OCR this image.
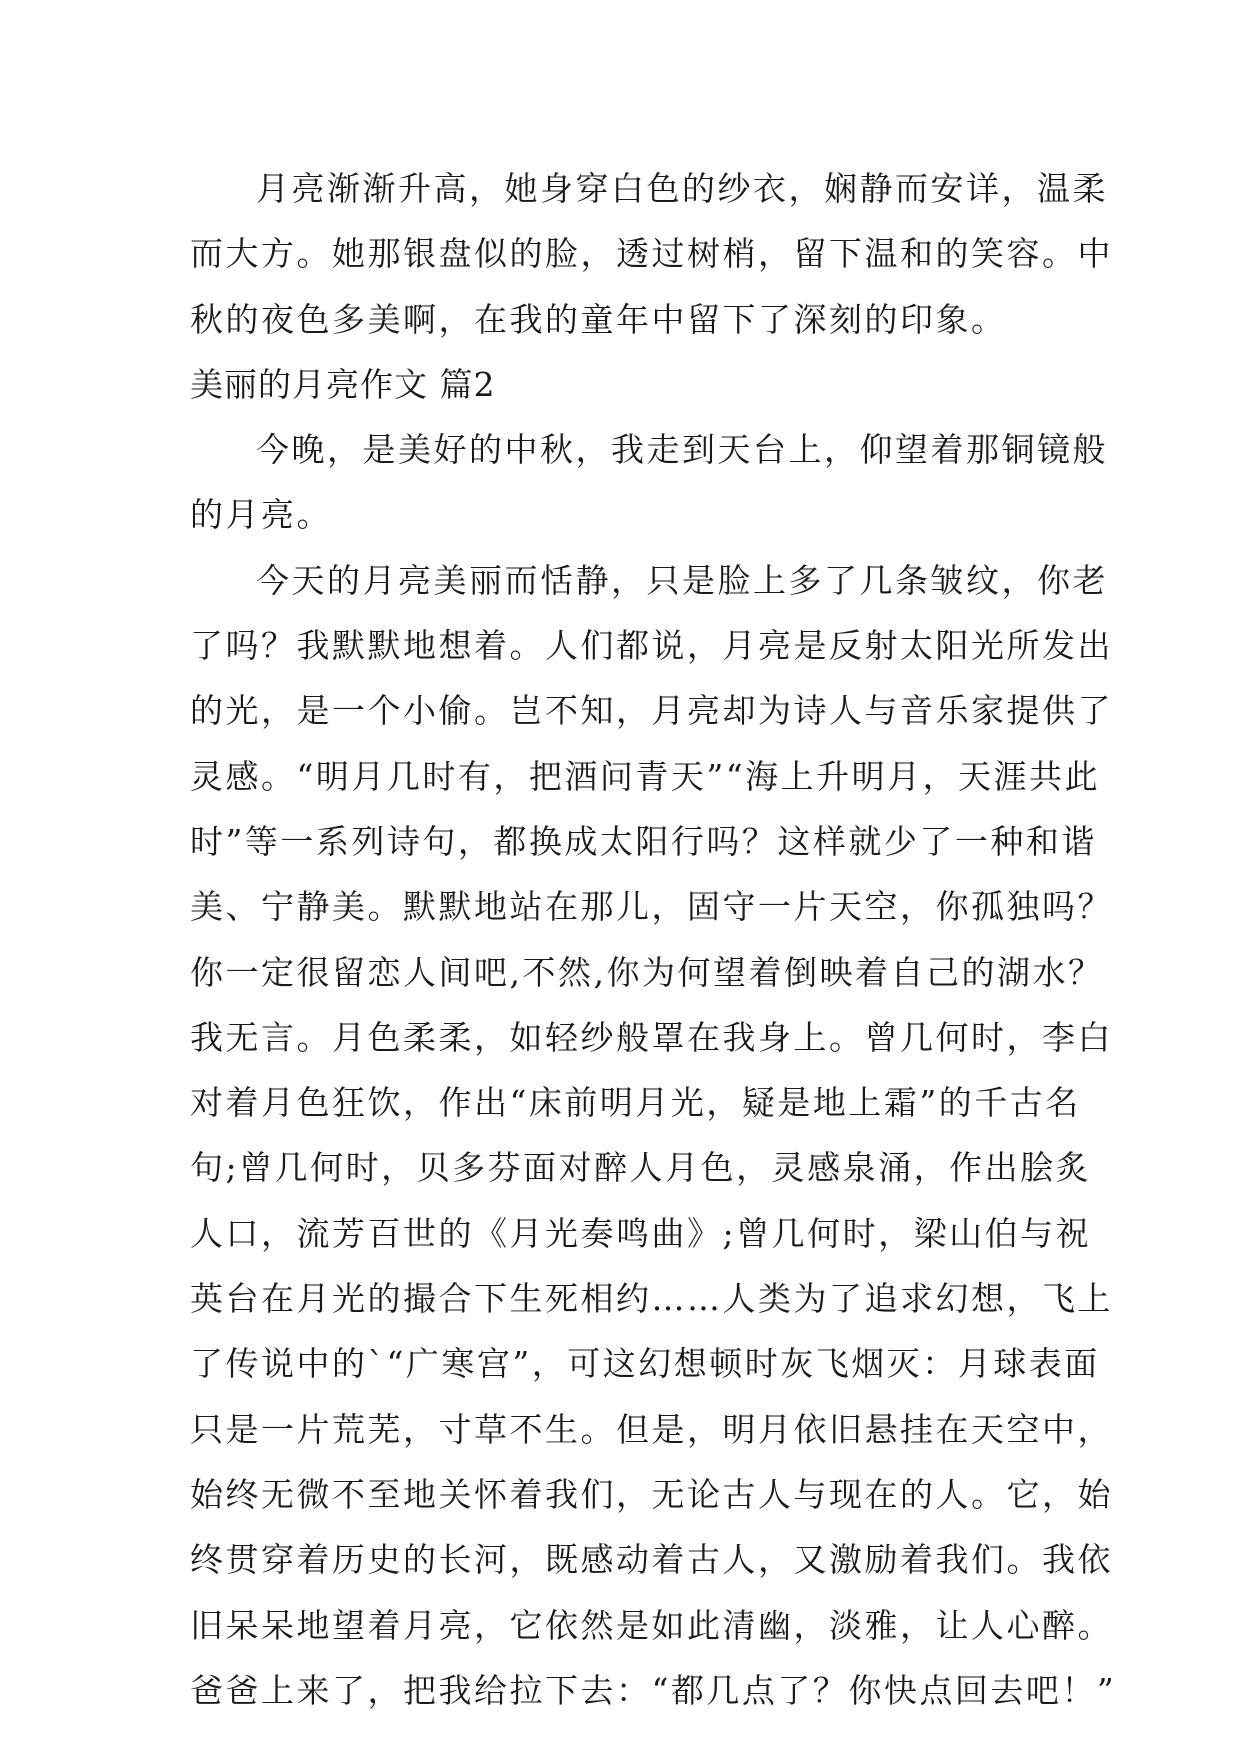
月亮渐渐升高，她身穿白色的纱衣，娴静而安详，温柔
而大方。她那银盘似的脸，透过树梢，留下温和的笑容。中
秋的夜色多美啊，在我的童年中留下了深刻的印象。
美丽的月亮作文 篇2
今晚，是美好的中秋，我走到天台上，仰望着那铜镜般
的月亮。
今天的月亮美丽而恬静，只是脸上多了几条皱纹，你老
了吗？我默默地想着。人们都说，月亮是反射太阳光所发出
的光，是一个小偷。岂不知，月亮却为诗人与音乐家提供了
灵感。“明月几时有，把酒问青天”“海上升明月，天涯共此
时”等一系列诗句，都换成太阳行吗？这样就少了一种和谐
美、宁静美。默默地站在那儿，固守一片天空，你孤独吗？
你一定很留恋人间吧,不然,你为何望着倒映着自己的湖水？
我无言。月色柔柔，如轻纱般罩在我身上。曾几何时，李白
对着月色狂饮，作出“床前明月光，疑是地上霜”的千古名
句;曾几何时，贝多芬面对醉人月色，灵感泉涌，作出脍炙
人口，流芳百世的《月光奏鸣曲》;曾几何时，梁山伯与祝
英台在月光的撮合下生死相约……人类为了追求幻想，飞上
了传说中的`“广寒宫”，可这幻想顿时灰飞烟灭：月球表面
只是一片荒芜，寸草不生。但是，明月依旧悬挂在天空中，
始终无微不至地关怀着我们，无论古人与现在的人。它，始
终贯穿着历史的长河，既感动着古人，又激励着我们。我依
旧呆呆地望着月亮，它依然是如此清幽，淡雅，让人心醉。
爸爸上来了，把我给拉下去：“都几点了？你快点回去吧！”
